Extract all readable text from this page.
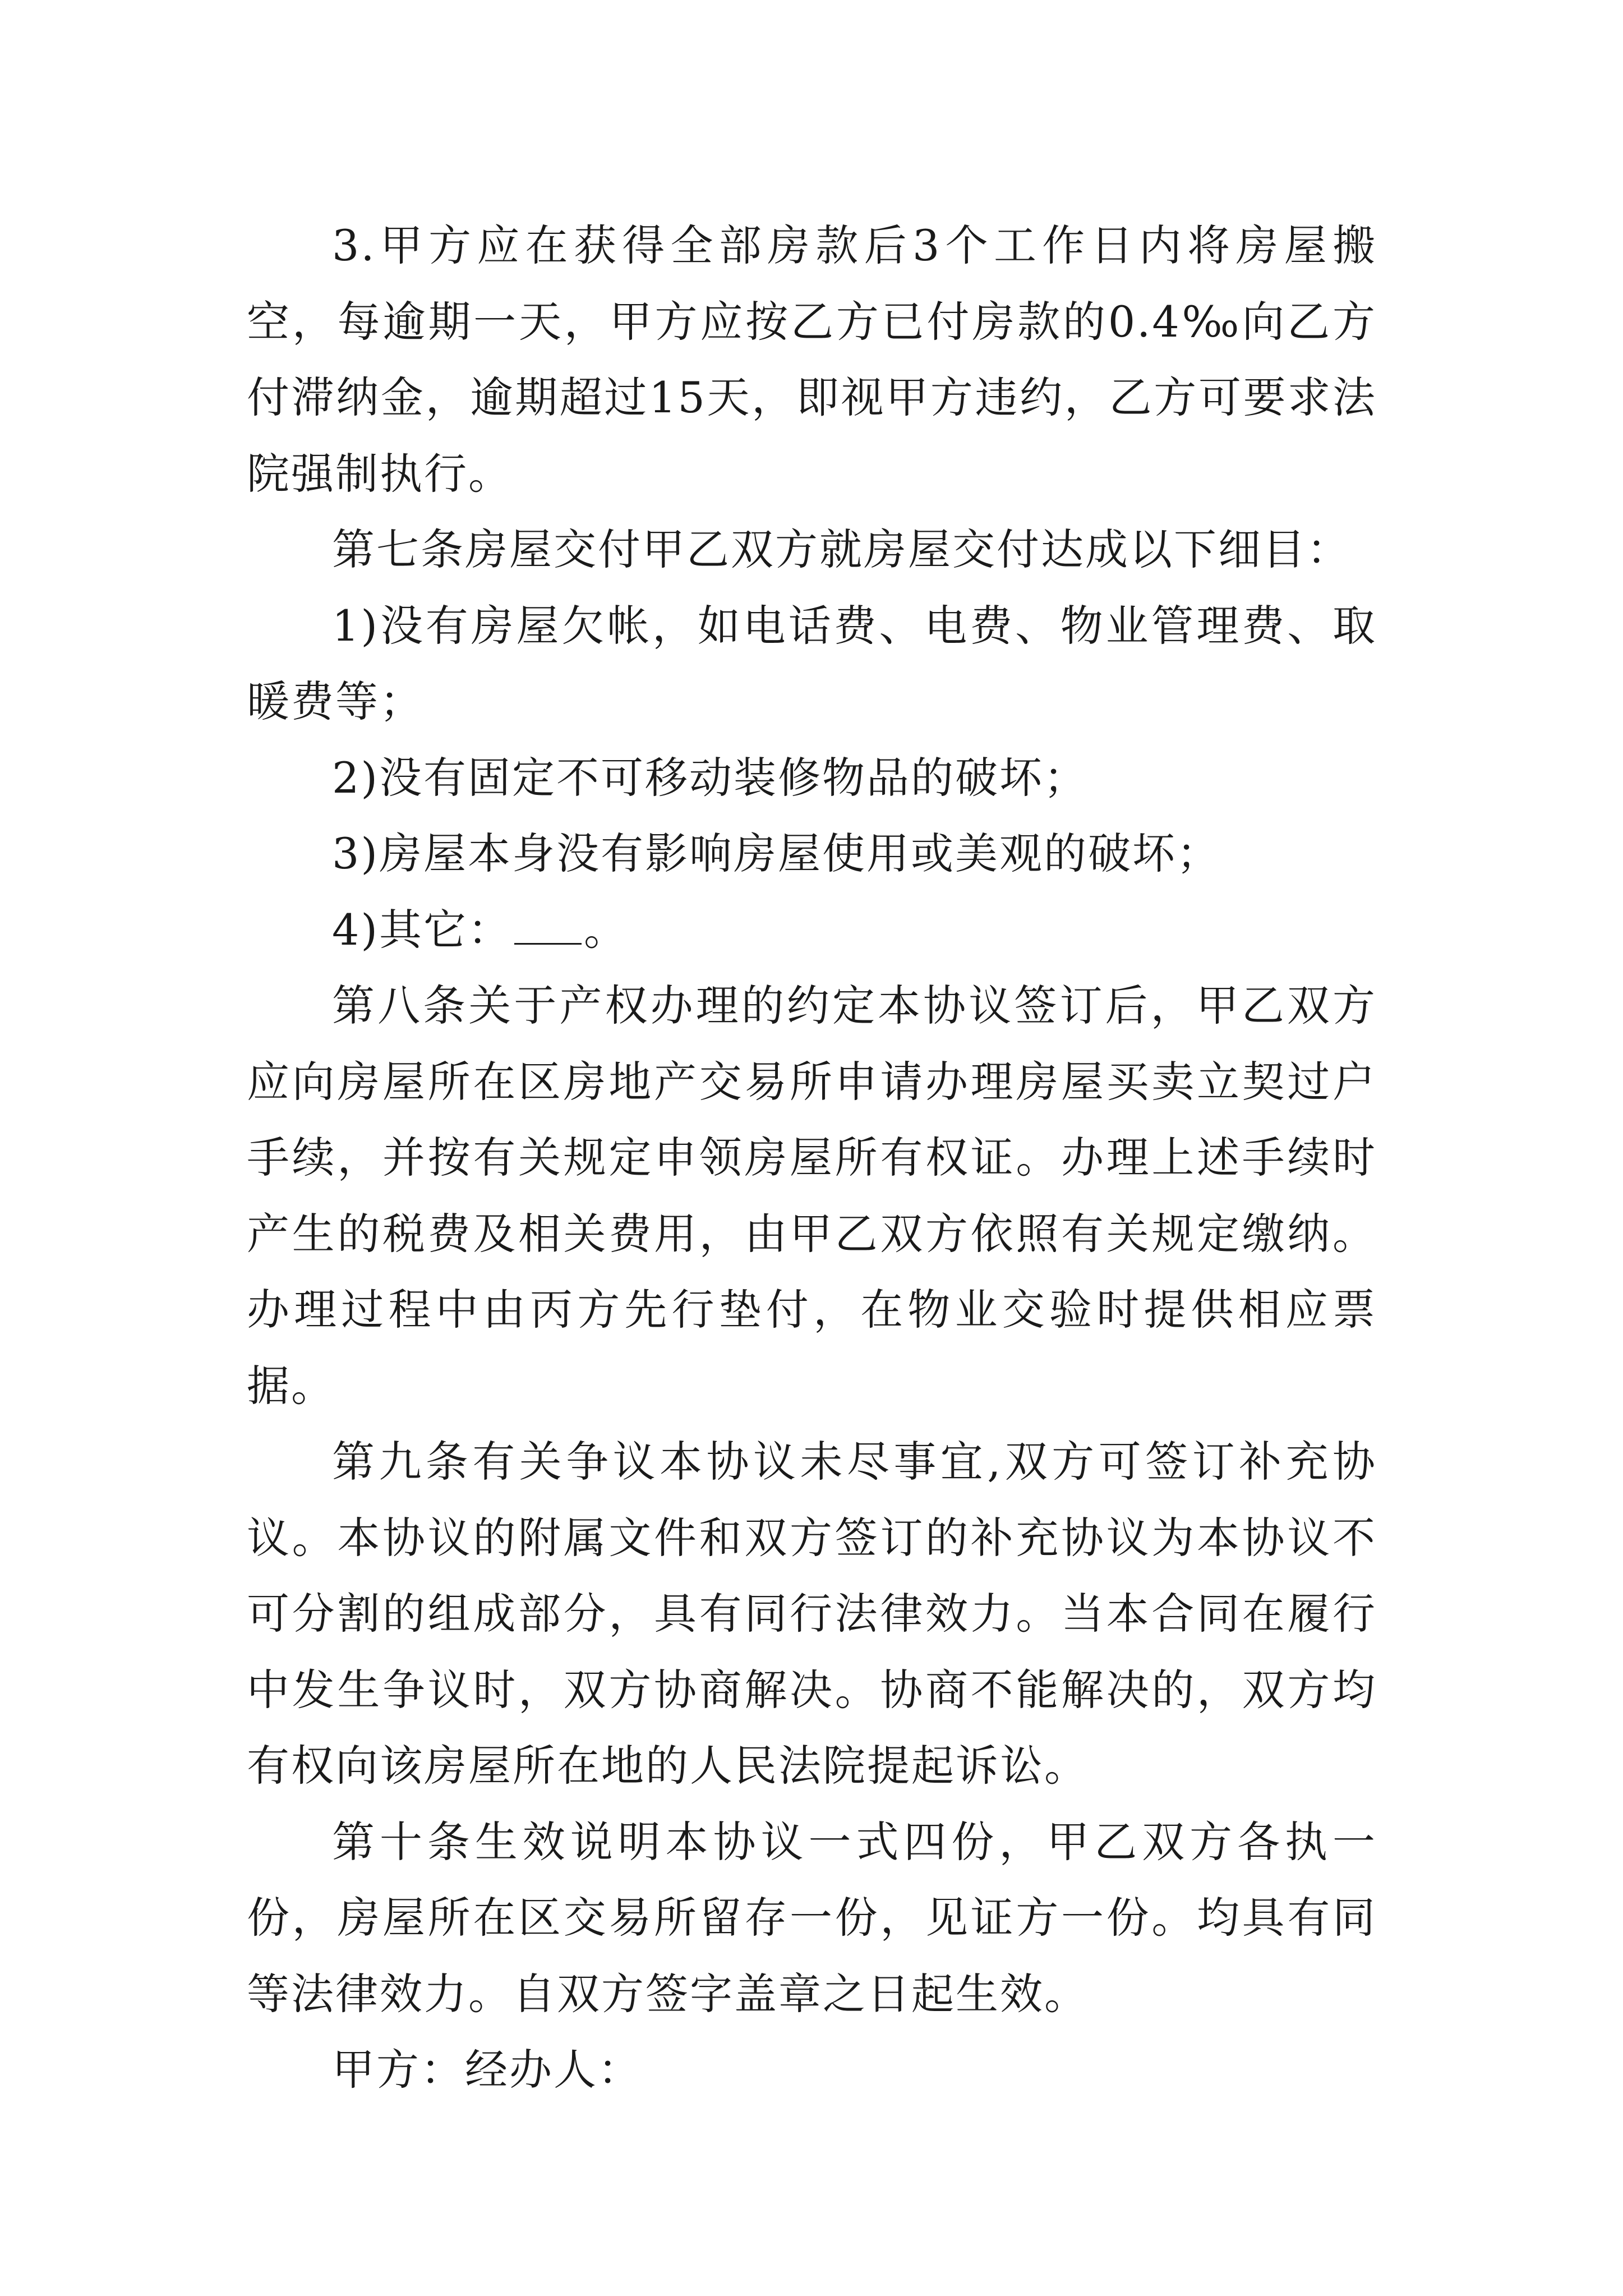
3.甲方应在获得全部房款后3个工作日内将房屋搬空，每逾期一天，甲方应按乙方已付房款的0.4‰向乙方付滞纳金，逾期超过15天，即视甲方违约，乙方可要求法院强制执行。

第七条房屋交付甲乙双方就房屋交付达成以下细目：

1)没有房屋欠帐，如电话费、电费、物业管理费、取暖费等；

2)没有固定不可移动装修物品的破坏；

3)房屋本身没有影响房屋使用或美观的破坏；

4)其它： 。

第八条关于产权办理的约定本协议签订后，甲乙双方应向房屋所在区房地产交易所申请办理房屋买卖立契过户手续，并按有关规定申领房屋所有权证。办理上述手续时产生的税费及相关费用，由甲乙双方依照有关规定缴纳。办理过程中由丙方先行垫付，在物业交验时提供相应票据。

第九条有关争议本协议未尽事宜,双方可签订补充协议。本协议的附属文件和双方签订的补充协议为本协议不可分割的组成部分，具有同行法律效力。当本合同在履行中发生争议时，双方协商解决。协商不能解决的，双方均有权向该房屋所在地的人民法院提起诉讼。

第十条生效说明本协议一式四份，甲乙双方各执一份，房屋所在区交易所留存一份，见证方一份。均具有同等法律效力。自双方签字盖章之日起生效。

甲方：经办人：
